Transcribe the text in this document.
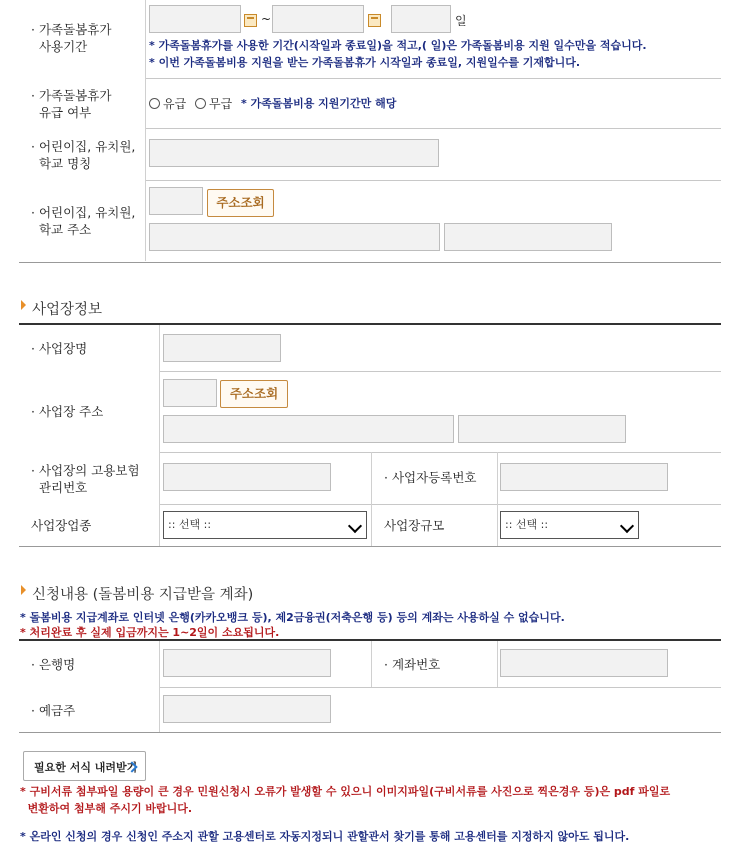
· 가족돌봄휴가
사용기간
~	일
* 가족돌봄휴가를 사용한 기간(시작일과 종료일)을 적고,( 일)은 가족돌봄비용 지원 일수만을 적습니다.
* 이번 가족돌봄비용 지원을 받는 가족돌봄휴가 시작일과 종료일, 지원일수를 기재합니다.
· 가족돌봄휴가
유급 여부
유급 무급 * 가족돌봄비용 지원기간만 해당
· 어린이집, 유치원,
학교 명칭
· 어린이집, 유치원,
학교 주소
주소조회
사업장정보
· 사업장명
· 사업장 주소
주소조회
· 사업장의 고용보험
관리번호
· 사업자등록번호
사업장업종	:: 선택 ::	사업장규모	:: 선택 ::
신청내용 (돌봄비용 지급받을 계좌)
* 돌봄비용 지급계좌로 인터넷 은행(카카오뱅크 등), 제2금융권(저축은행 등) 등의 계좌는 사용하실 수 없습니다.
* 처리완료 후 실제 입금까지는 1~2일이 소요됩니다.
· 은행명	· 계좌번호
· 예금주
필요한 서식 내려받기
* 구비서류 첨부파일 용량이 큰 경우 민원신청시 오류가 발생할 수 있으니 이미지파일(구비서류를 사진으로 찍은경우 등)은 pdf 파일로
변환하여 첨부해 주시기 바랍니다.
* 온라인 신청의 경우 신청인 주소지 관할 고용센터로 자동지정되니 관할관서 찾기를 통해 고용센터를 지정하지 않아도 됩니다.
